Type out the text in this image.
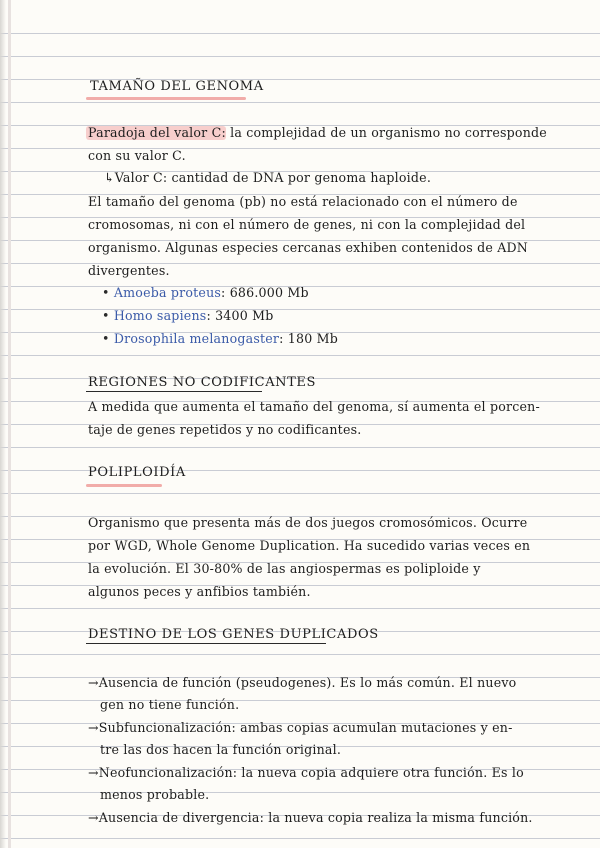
TAMAÑO DEL GENOMA
Paradoja del valor C: la complejidad de un organismo no corresponde
con su valor C.
↳Valor C: cantidad de DNA por genoma haploide.
El tamaño del genoma (pb) no está relacionado con el número de
cromosomas, ni con el número de genes, ni con la complejidad del
organismo. Algunas especies cercanas exhiben contenidos de ADN
divergentes.
• Amoeba proteus: 686.000 Mb
• Homo sapiens: 3400 Mb
• Drosophila melanogaster: 180 Mb
REGIONES NO CODIFICANTES
A medida que aumenta el tamaño del genoma, sí aumenta el porcen-
taje de genes repetidos y no codificantes.
POLIPLOIDÍA
Organismo que presenta más de dos juegos cromosómicos. Ocurre
por WGD, Whole Genome Duplication. Ha sucedido varias veces en
la evolución. El 30-80% de las angiospermas es poliploide y
algunos peces y anfibios también.
DESTINO DE LOS GENES DUPLICADOS
→Ausencia de función (pseudogenes). Es lo más común. El nuevo
gen no tiene función.
→Subfuncionalización: ambas copias acumulan mutaciones y en-
tre las dos hacen la función original.
→Neofuncionalización: la nueva copia adquiere otra función. Es lo
menos probable.
→Ausencia de divergencia: la nueva copia realiza la misma función.
